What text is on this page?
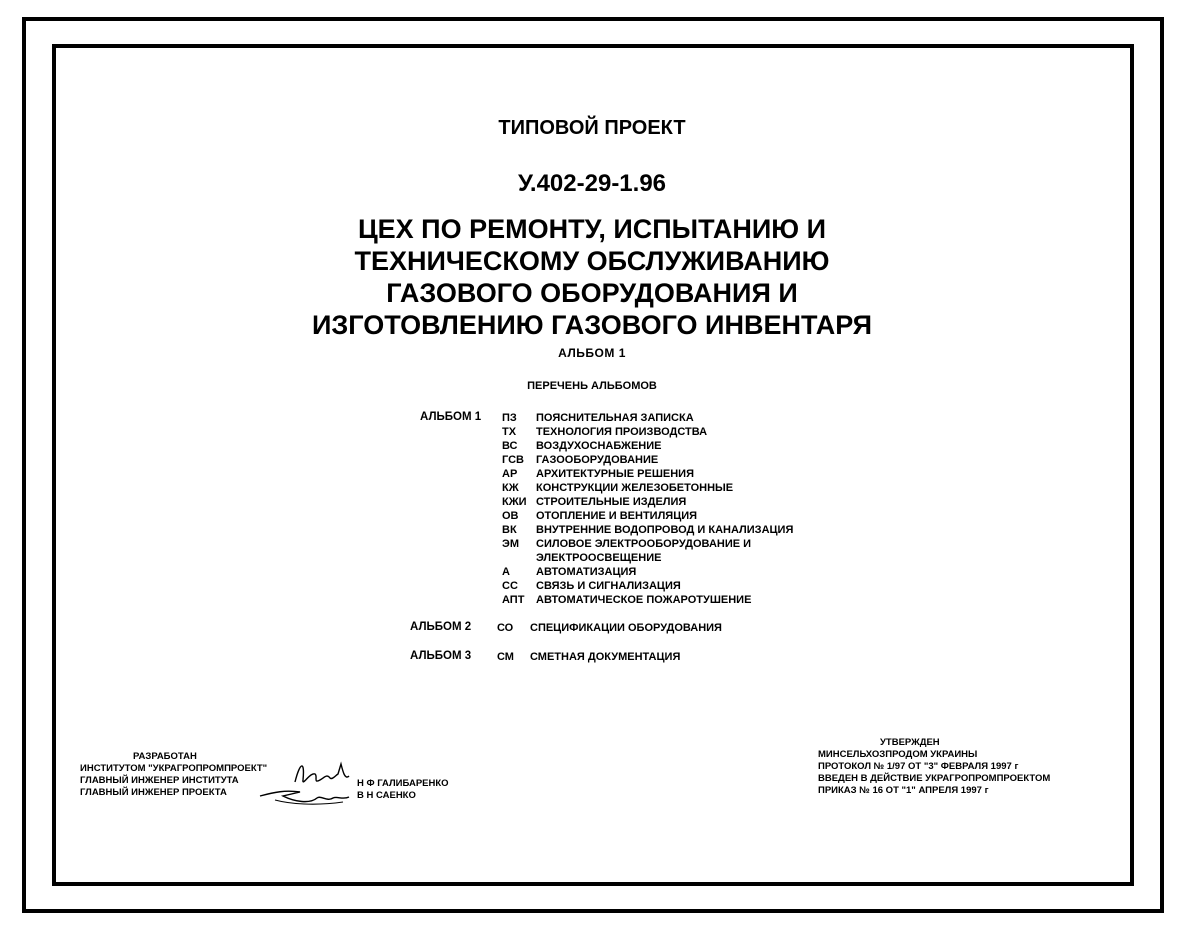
ТИПОВОЙ ПРОЕКТ
У.402-29-1.96
ЦЕХ ПО РЕМОНТУ, ИСПЫТАНИЮ И
ТЕХНИЧЕСКОМУ ОБСЛУЖИВАНИЮ
ГАЗОВОГО ОБОРУДОВАНИЯ И
ИЗГОТОВЛЕНИЮ ГАЗОВОГО ИНВЕНТАРЯ
АЛЬБОМ 1
ПЕРЕЧЕНЬ АЛЬБОМОВ
АЛЬБОМ 1 ПЗ ПОЯСНИТЕЛЬНАЯ ЗАПИСКА
ТХ ТЕХНОЛОГИЯ ПРОИЗВОДСТВА
ВС ВОЗДУХОСНАБЖЕНИЕ
ГСВ ГАЗООБОРУДОВАНИЕ
АР АРХИТЕКТУРНЫЕ РЕШЕНИЯ
КЖ КОНСТРУКЦИИ ЖЕЛЕЗОБЕТОННЫЕ
КЖИ СТРОИТЕЛЬНЫЕ ИЗДЕЛИЯ
ОВ ОТОПЛЕНИЕ И ВЕНТИЛЯЦИЯ
ВК ВНУТРЕННИЕ ВОДОПРОВОД И КАНАЛИЗАЦИЯ
ЭМ СИЛОВОЕ ЭЛЕКТРООБОРУДОВАНИЕ И
ЭЛЕКТРООСВЕЩЕНИЕ
А АВТОМАТИЗАЦИЯ
СС СВЯЗЬ И СИГНАЛИЗАЦИЯ
АПТ АВТОМАТИЧЕСКОЕ ПОЖАРОТУШЕНИЕ
АЛЬБОМ 2 СО СПЕЦИФИКАЦИИ ОБОРУДОВАНИЯ
АЛЬБОМ 3 СМ СМЕТНАЯ ДОКУМЕНТАЦИЯ
РАЗРАБОТАН
ИНСТИТУТОМ "УКРАГРОПРОМПРОЕКТ"
ГЛАВНЫЙ ИНЖЕНЕР ИНСТИТУТА
ГЛАВНЫЙ ИНЖЕНЕР ПРОЕКТА
Н Ф ГАЛИБАРЕНКО
В Н САЕНКО
УТВЕРЖДЕН
МИНСЕЛЬХОЗПРОДОМ УКРАИНЫ
ПРОТОКОЛ № 1/97 ОТ "3" ФЕВРАЛЯ 1997 г
ВВЕДЕН В ДЕЙСТВИЕ УКРАГРОПРОМПРОЕКТОМ
ПРИКАЗ № 16 ОТ "1" АПРЕЛЯ 1997 г
